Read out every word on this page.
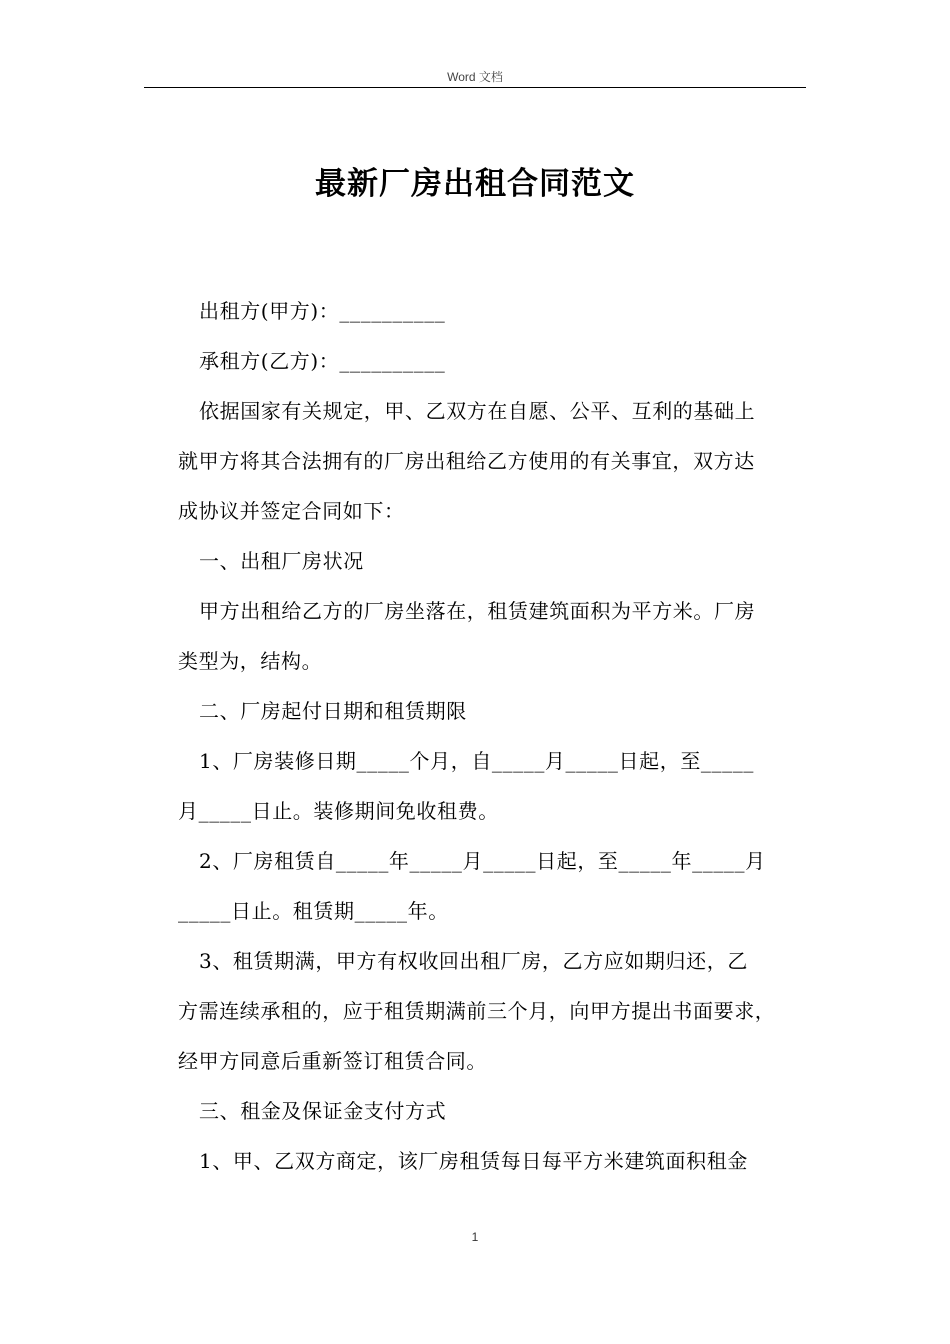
Word 文档
最新厂房出租合同范文
出租方(甲方)：__________
承租方(乙方)：__________
依据国家有关规定，甲、乙双方在自愿、公平、互利的基础上
就甲方将其合法拥有的厂房出租给乙方使用的有关事宜，双方达
成协议并签定合同如下：
一、出租厂房状况
甲方出租给乙方的厂房坐落在，租赁建筑面积为平方米。厂房
类型为，结构。
二、厂房起付日期和租赁期限
1、厂房装修日期_____个月，自_____月_____日起，至_____
月_____日止。装修期间免收租费。
2、厂房租赁自_____年_____月_____日起，至_____年_____月
_____日止。租赁期_____年。
3、租赁期满，甲方有权收回出租厂房，乙方应如期归还，乙
方需连续承租的，应于租赁期满前三个月，向甲方提出书面要求，
经甲方同意后重新签订租赁合同。
三、租金及保证金支付方式
1、甲、乙双方商定，该厂房租赁每日每平方米建筑面积租金
1
